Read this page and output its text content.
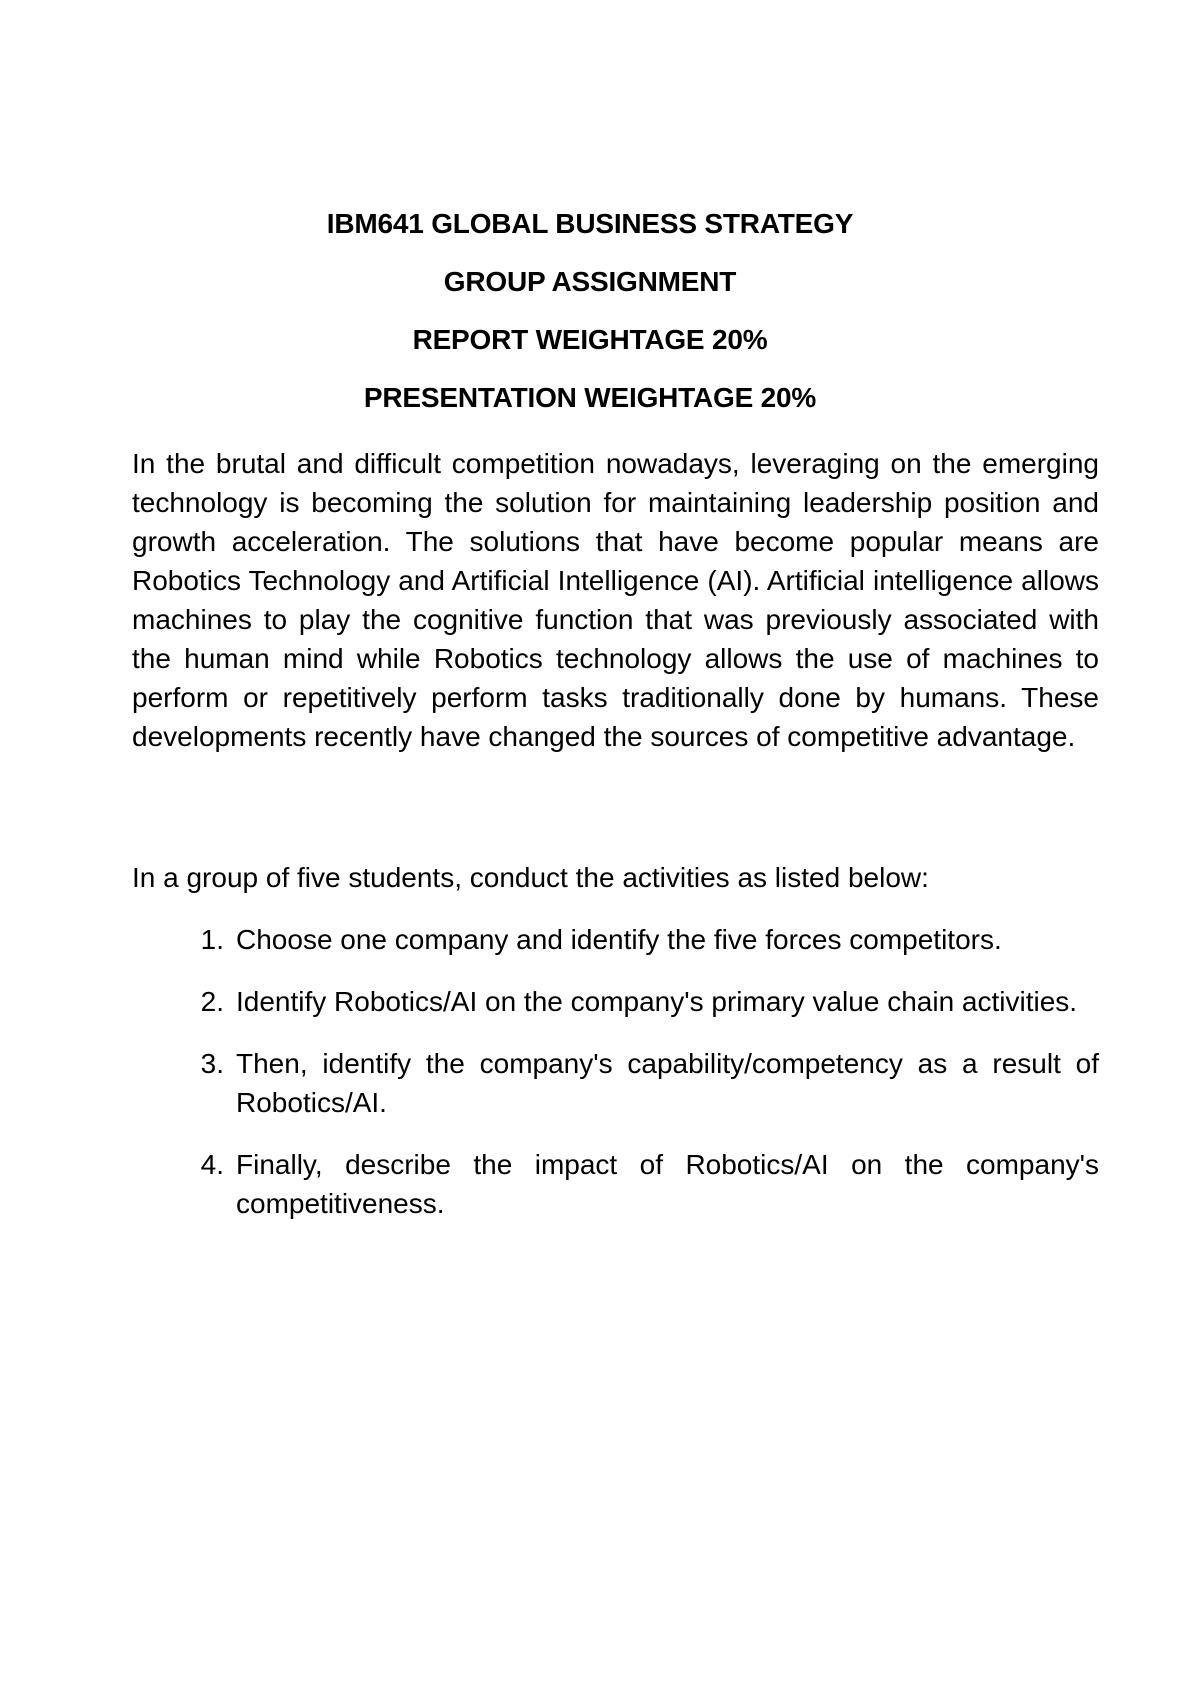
IBM641 GLOBAL BUSINESS STRATEGY
GROUP ASSIGNMENT
REPORT WEIGHTAGE 20%
PRESENTATION WEIGHTAGE 20%

In the brutal and difficult competition nowadays, leveraging on the emerging technology is becoming the solution for maintaining leadership position and growth acceleration. The solutions that have become popular means are Robotics Technology and Artificial Intelligence (AI). Artificial intelligence allows machines to play the cognitive function that was previously associated with the human mind while Robotics technology allows the use of machines to perform or repetitively perform tasks traditionally done by humans. These developments recently have changed the sources of competitive advantage.

In a group of five students, conduct the activities as listed below:

1. Choose one company and identify the five forces competitors.
2. Identify Robotics/AI on the company's primary value chain activities.
3. Then, identify the company's capability/competency as a result of Robotics/AI.
4. Finally, describe the impact of Robotics/AI on the company's competitiveness.
